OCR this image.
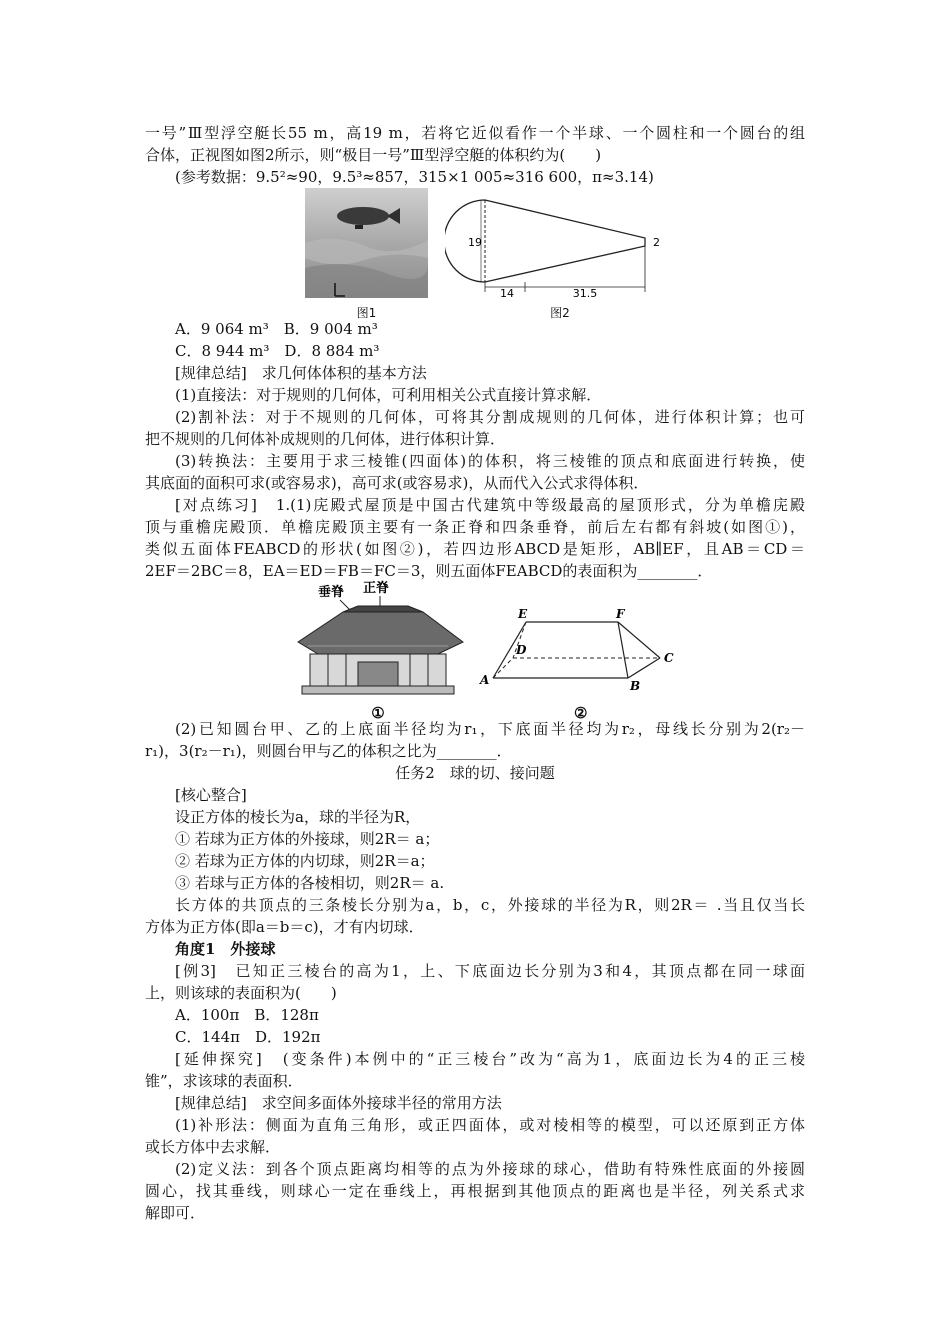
一号”Ⅲ型浮空艇长55 m，高19 m，若将它近似看作一个半球、一个圆柱和一个圆台的组
合体，正视图如图2所示，则“极目一号”Ⅲ型浮空艇的体积约为(　　)
(参考数据：9.5²≈90，9.5³≈857，315×1 005≈316 600，π≈3.14)
图1
19
14	31.5
2
图2
A．9 064 m³　B．9 004 m³
C．8 944 m³　D．8 884 m³
[规律总结]　求几何体体积的基本方法
(1)直接法：对于规则的几何体，可利用相关公式直接计算求解．
(2)割补法：对于不规则的几何体，可将其分割成规则的几何体，进行体积计算；也可
把不规则的几何体补成规则的几何体，进行体积计算．
(3)转换法：主要用于求三棱锥(四面体)的体积，将三棱锥的顶点和底面进行转换，使
其底面的面积可求(或容易求)，高可求(或容易求)，从而代入公式求得体积．
[对点练习]　1.(1)庑殿式屋顶是中国古代建筑中等级最高的屋顶形式，分为单檐庑殿
顶与重檐庑殿顶．单檐庑殿顶主要有一条正脊和四条垂脊，前后左右都有斜坡(如图①)，
类似五面体FEABCD的形状(如图②)，若四边形ABCD是矩形，AB∥EF，且AB＝CD＝
2EF＝2BC＝8，EA＝ED＝FB＝FC＝3，则五面体FEABCD的表面积为________．
垂脊 正脊
①
E	F
D
C
A	B
②
(2)已知圆台甲、乙的上底面半径均为r₁，下底面半径均为r₂，母线长分别为2(r₂－
r₁)，3(r₂－r₁)，则圆台甲与乙的体积之比为________．
任务2　球的切、接问题
[核心整合]
设正方体的棱长为a，球的半径为R，
① 若球为正方体的外接球，则2R＝ a；
② 若球为正方体的内切球，则2R＝a；
③ 若球与正方体的各棱相切，则2R＝ a.
长方体的共顶点的三条棱长分别为a，b，c，外接球的半径为R，则2R＝ .当且仅当长
方体为正方体(即a＝b＝c)，才有内切球．
角度1　外接球
[例3]　已知正三棱台的高为1，上、下底面边长分别为3和4，其顶点都在同一球面
上，则该球的表面积为(　　)
A．100π　B．128π
C．144π　D．192π
[延伸探究]　(变条件)本例中的“正三棱台”改为“高为1，底面边长为4的正三棱
锥”，求该球的表面积．
[规律总结]　求空间多面体外接球半径的常用方法
(1)补形法：侧面为直角三角形，或正四面体，或对棱相等的模型，可以还原到正方体
或长方体中去求解．
(2)定义法：到各个顶点距离均相等的点为外接球的球心，借助有特殊性底面的外接圆
圆心，找其垂线，则球心一定在垂线上，再根据到其他顶点的距离也是半径，列关系式求
解即可．
